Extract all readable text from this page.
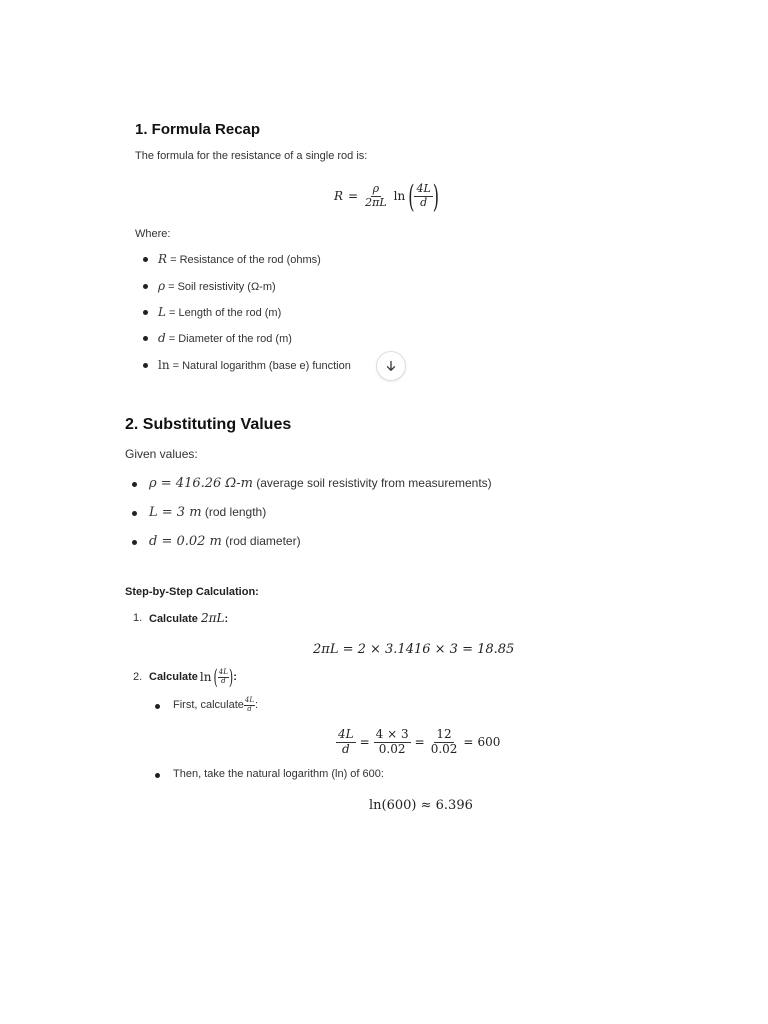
1. Formula Recap
The formula for the resistance of a single rod is:
$R = \frac{\rho}{2\pi L}$ ln ( $\frac{4L}{d}$ )
Where:
R = Resistance of the rod (ohms)
ρ = Soil resistivity (Ω-m)
L = Length of the rod (m)
d = Diameter of the rod (m)
ln = Natural logarithm (base e) function
2. Substituting Values
Given values:
ρ = 416.26 Ω-m (average soil resistivity from measurements)
L = 3 m (rod length)
d = 0.02 m (rod diameter)
Step-by-Step Calculation:
1. Calculate 2πL:
2πL = 2 × 3.1416 × 3 = 18.85
2. Calculate ln ( $\frac{4L}{d}$ ) :
First, calculate $\frac{4L}{d}$ :
$\frac{4L}{d} = \frac{4 \times 3}{0.02} = \frac{12}{0.02} = 600$
Then, take the natural logarithm (ln) of 600:
ln(600) ≈ 6.396
